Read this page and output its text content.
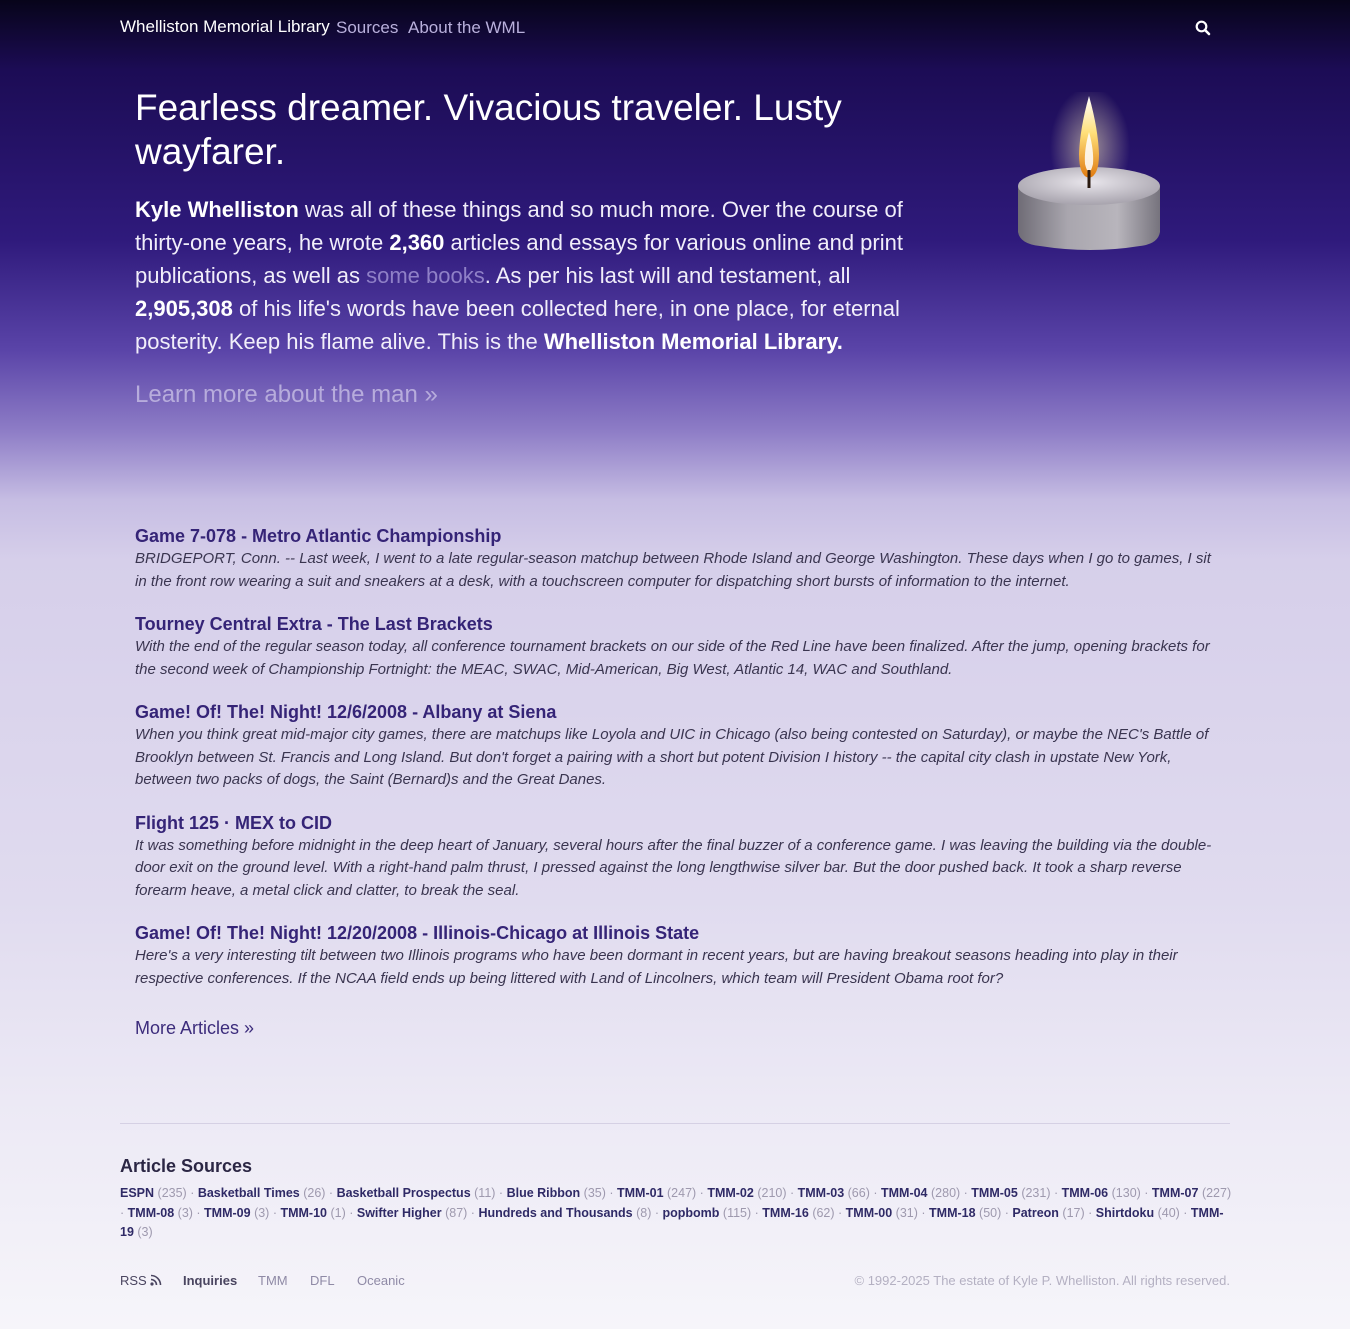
Whelliston Memorial Library Sources About the WML
Fearless dreamer. Vivacious traveler. Lusty wayfarer.

Kyle Whelliston was all of these things and so much more. Over the course of thirty-one years, he wrote 2,360 articles and essays for various online and print publications, as well as some books. As per his last will and testament, all 2,905,308 of his life's words have been collected here, in one place, for eternal posterity. Keep his flame alive. This is the Whelliston Memorial Library.

Learn more about the man »
Game 7-078 - Metro Atlantic Championship
BRIDGEPORT, Conn. -- Last week, I went to a late regular-season matchup between Rhode Island and George Washington. These days when I go to games, I sit in the front row wearing a suit and sneakers at a desk, with a touchscreen computer for dispatching short bursts of information to the internet.
Tourney Central Extra - The Last Brackets
With the end of the regular season today, all conference tournament brackets on our side of the Red Line have been finalized. After the jump, opening brackets for the second week of Championship Fortnight: the MEAC, SWAC, Mid-American, Big West, Atlantic 14, WAC and Southland.
Game! Of! The! Night! 12/6/2008 - Albany at Siena
When you think great mid-major city games, there are matchups like Loyola and UIC in Chicago (also being contested on Saturday), or maybe the NEC's Battle of Brooklyn between St. Francis and Long Island. But don't forget a pairing with a short but potent Division I history -- the capital city clash in upstate New York, between two packs of dogs, the Saint (Bernard)s and the Great Danes.
Flight 125 · MEX to CID
It was something before midnight in the deep heart of January, several hours after the final buzzer of a conference game. I was leaving the building via the double-door exit on the ground level. With a right-hand palm thrust, I pressed against the long lengthwise silver bar. But the door pushed back. It took a sharp reverse forearm heave, a metal click and clatter, to break the seal.
Game! Of! The! Night! 12/20/2008 - Illinois-Chicago at Illinois State
Here's a very interesting tilt between two Illinois programs who have been dormant in recent years, but are having breakout seasons heading into play in their respective conferences. If the NCAA field ends up being littered with Land of Lincolners, which team will President Obama root for?
More Articles »
Article Sources
ESPN (235) · Basketball Times (26) · Basketball Prospectus (11) · Blue Ribbon (35) · TMM-01 (247) · TMM-02 (210) · TMM-03 (66) · TMM-04 (280) · TMM-05 (231) · TMM-06 (130) · TMM-07 (227) · TMM-08 (3) · TMM-09 (3) · TMM-10 (1) · Swifter Higher (87) · Hundreds and Thousands (8) · popbomb (115) · TMM-16 (62) · TMM-00 (31) · TMM-18 (50) · Patreon (17) · Shirtdoku (40) · TMM-19 (3)
RSS	Inquiries TMM DFL Oceanic	© 1992-2025 The estate of Kyle P. Whelliston. All rights reserved.
